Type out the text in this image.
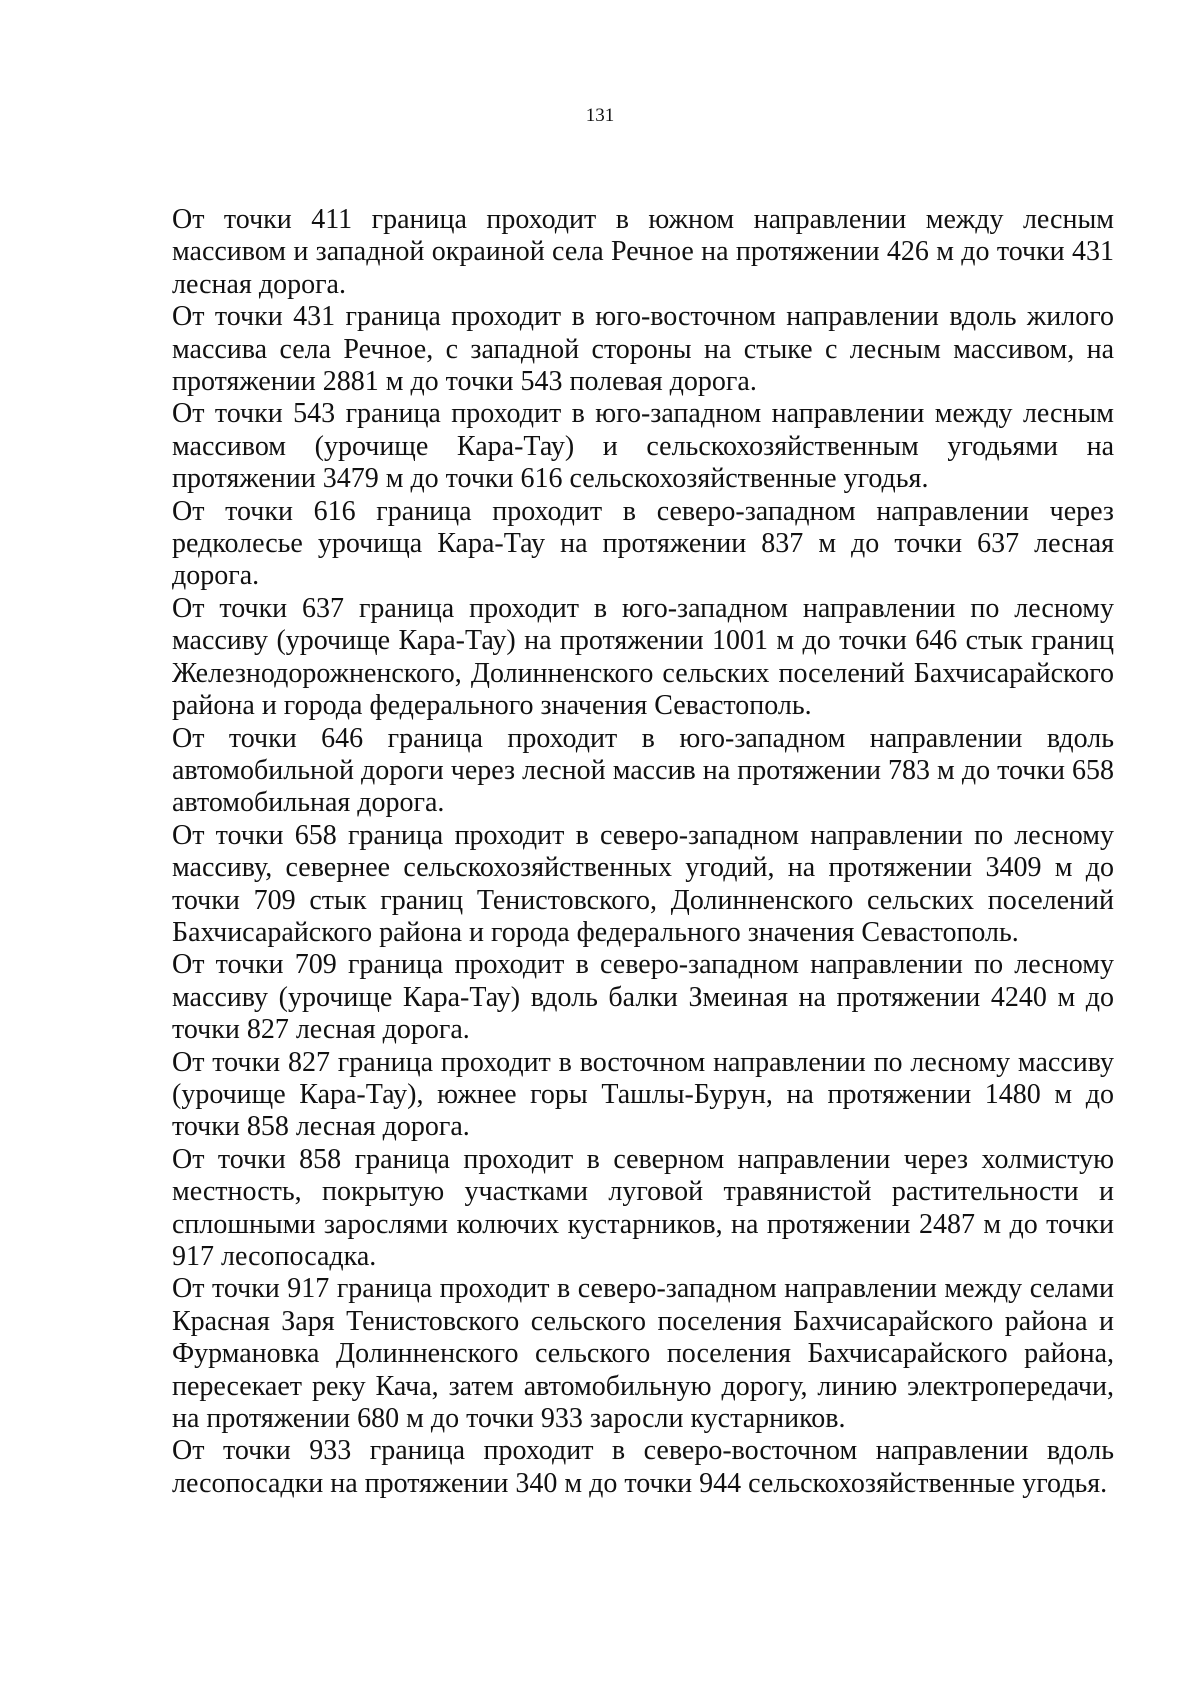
131

От точки 411 граница проходит в южном направлении между лесным массивом и западной окраиной села Речное на протяжении 426 м до точки 431 лесная дорога.

От точки 431 граница проходит в юго-восточном направлении вдоль жилого массива села Речное, с западной стороны на стыке с лесным массивом, на протяжении 2881 м до точки 543 полевая дорога.

От точки 543 граница проходит в юго-западном направлении между лесным массивом (урочище Кара-Тау) и сельскохозяйственным угодьями на протяжении 3479 м до точки 616 сельскохозяйственные угодья.

От точки 616 граница проходит в северо-западном направлении через редколесье урочища Кара-Тау на протяжении 837 м до точки 637 лесная дорога.

От точки 637 граница проходит в юго-западном направлении по лесному массиву (урочище Кара-Тау) на протяжении 1001 м до точки 646 стык границ Железнодорожненского, Долинненского сельских поселений Бахчисарайского района и города федерального значения Севастополь.

От точки 646 граница проходит в юго-западном направлении вдоль автомобильной дороги через лесной массив на протяжении 783 м до точки 658 автомобильная дорога.

От точки 658 граница проходит в северо-западном направлении по лесному массиву, севернее сельскохозяйственных угодий, на протяжении 3409 м до точки 709 стык границ Тенистовского, Долинненского сельских поселений Бахчисарайского района и города федерального значения Севастополь.

От точки 709 граница проходит в северо-западном направлении по лесному массиву (урочище Кара-Тау) вдоль балки Змеиная на протяжении 4240 м до точки 827 лесная дорога.

От точки 827 граница проходит в восточном направлении по лесному массиву (урочище Кара-Тау), южнее горы Ташлы-Бурун, на протяжении 1480 м до точки 858 лесная дорога.

От точки 858 граница проходит в северном направлении через холмистую местность, покрытую участками луговой травянистой растительности и сплошными зарослями колючих кустарников, на протяжении 2487 м до точки 917 лесопосадка.

От точки 917 граница проходит в северо-западном направлении между селами Красная Заря Тенистовского сельского поселения Бахчисарайского района и Фурмановка Долинненского сельского поселения Бахчисарайского района, пересекает реку Кача, затем автомобильную дорогу, линию электропередачи, на протяжении 680 м до точки 933 заросли кустарников.

От точки 933 граница проходит в северо-восточном направлении вдоль лесопосадки на протяжении 340 м до точки 944 сельскохозяйственные угодья.
